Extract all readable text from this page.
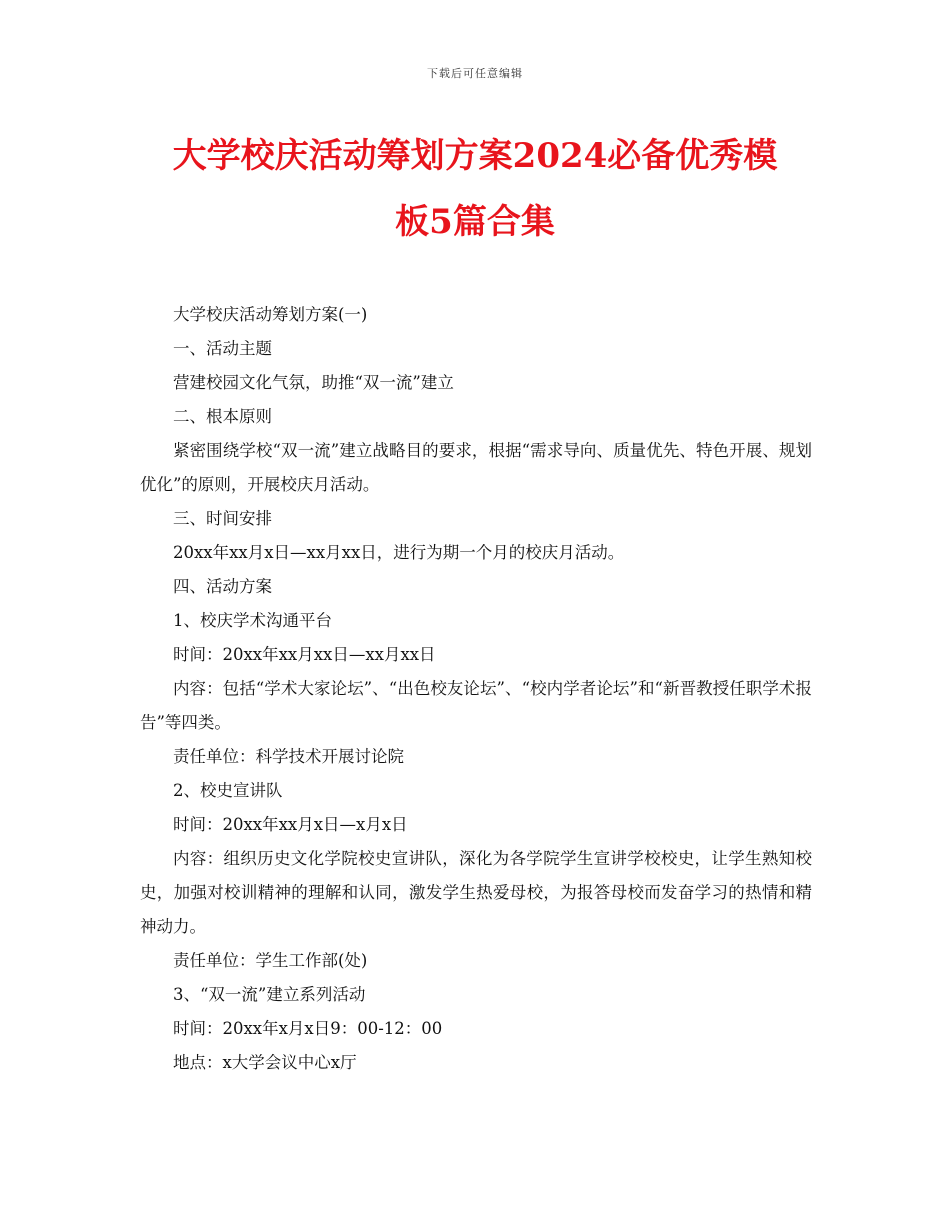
下载后可任意编辑
大学校庆活动筹划方案2024必备优秀模
板5篇合集

大学校庆活动筹划方案(一)

一、活动主题

营建校园文化气氛，助推“双一流”建立

二、根本原则

紧密围绕学校“双一流”建立战略目的要求，根据“需求导向、质量优先、特色开展、规划优化”的原则，开展校庆月活动。

三、时间安排

20xx年xx月x日—xx月xx日，进行为期一个月的校庆月活动。

四、活动方案

1、校庆学术沟通平台

时间：20xx年xx月xx日—xx月xx日

内容：包括“学术大家论坛”、“出色校友论坛”、“校内学者论坛”和“新晋教授任职学术报告”等四类。

责任单位：科学技术开展讨论院

2、校史宣讲队

时间：20xx年xx月x日—x月x日

内容：组织历史文化学院校史宣讲队，深化为各学院学生宣讲学校校史，让学生熟知校史，加强对校训精神的理解和认同，激发学生热爱母校，为报答母校而发奋学习的热情和精神动力。

责任单位：学生工作部(处)

3、“双一流”建立系列活动

时间：20xx年x月x日9：00-12：00

地点：x大学会议中心x厅
